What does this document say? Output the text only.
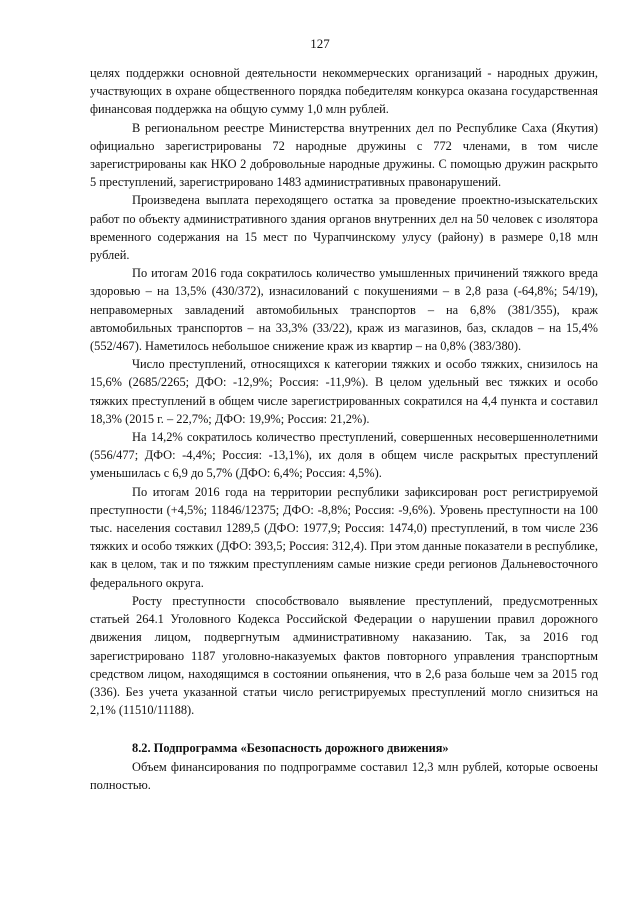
127

целях поддержки основной деятельности некоммерческих организаций - народных дружин, участвующих в охране общественного порядка победителям конкурса оказана государственная финансовая поддержка на общую сумму 1,0 млн рублей.

В региональном реестре Министерства внутренних дел по Республике Саха (Якутия) официально зарегистрированы 72 народные дружины с 772 членами, в том числе зарегистрированы как НКО 2 добровольные народные дружины. С помощью дружин раскрыто 5 преступлений, зарегистрировано 1483 административных правонарушений.

Произведена выплата переходящего остатка за проведение проектно-изыскательских работ по объекту административного здания органов внутренних дел на 50 человек с изолятора временного содержания на 15 мест по Чурапчинскому улусу (району) в размере 0,18 млн рублей.

По итогам 2016 года сократилось количество умышленных причинений тяжкого вреда здоровью – на 13,5% (430/372), изнасилований с покушениями – в 2,8 раза (-64,8%; 54/19), неправомерных завладений автомобильных транспортов – на 6,8% (381/355), краж автомобильных транспортов – на 33,3% (33/22), краж из магазинов, баз, складов – на 15,4% (552/467). Наметилось небольшое снижение краж из квартир – на 0,8% (383/380).

Число преступлений, относящихся к категории тяжких и особо тяжких, снизилось на 15,6% (2685/2265; ДФО: -12,9%; Россия: -11,9%). В целом удельный вес тяжких и особо тяжких преступлений в общем числе зарегистрированных сократился на 4,4 пункта и составил 18,3% (2015 г. – 22,7%; ДФО: 19,9%; Россия: 21,2%).

На 14,2% сократилось количество преступлений, совершенных несовершеннолетними (556/477; ДФО: -4,4%; Россия: -13,1%), их доля в общем числе раскрытых преступлений уменьшилась с 6,9 до 5,7% (ДФО: 6,4%; Россия: 4,5%).

По итогам 2016 года на территории республики зафиксирован рост регистрируемой преступности (+4,5%; 11846/12375; ДФО: -8,8%; Россия: -9,6%). Уровень преступности на 100 тыс. населения составил 1289,5 (ДФО: 1977,9; Россия: 1474,0) преступлений, в том числе 236 тяжких и особо тяжких (ДФО: 393,5; Россия: 312,4). При этом данные показатели в республике, как в целом, так и по тяжким преступлениям самые низкие среди регионов Дальневосточного федерального округа.

Росту преступности способствовало выявление преступлений, предусмотренных статьей 264.1 Уголовного Кодекса Российской Федерации о нарушении правил дорожного движения лицом, подвергнутым административному наказанию. Так, за 2016 год зарегистрировано 1187 уголовно-наказуемых фактов повторного управления транспортным средством лицом, находящимся в состоянии опьянения, что в 2,6 раза больше чем за 2015 год (336). Без учета указанной статьи число регистрируемых преступлений могло снизиться на 2,1% (11510/11188).

8.2. Подпрограмма «Безопасность дорожного движения»

Объем финансирования по подпрограмме составил 12,3 млн рублей, которые освоены полностью.
